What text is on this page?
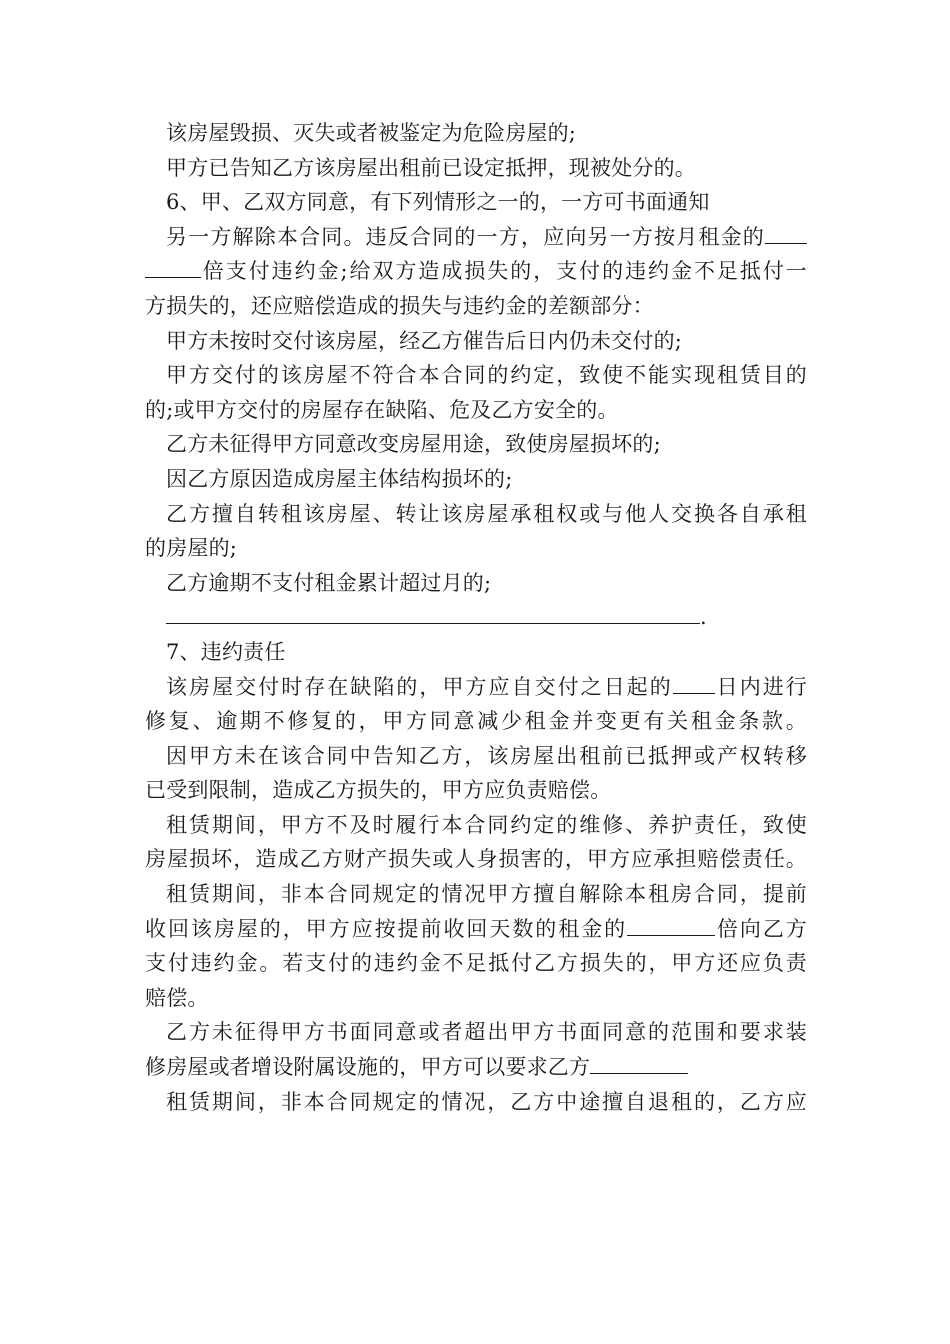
该房屋毁损、灭失或者被鉴定为危险房屋的;
甲方已告知乙方该房屋出租前已设定抵押，现被处分的。
6、甲、乙双方同意，有下列情形之一的，一方可书面通知
另一方解除本合同。违反合同的一方，应向另一方按月租金的
倍支付违约金;给双方造成损失的，支付的违约金不足抵付一
方损失的，还应赔偿造成的损失与违约金的差额部分：
甲方未按时交付该房屋，经乙方催告后日内仍未交付的;
甲方交付的该房屋不符合本合同的约定，致使不能实现租赁目的
的;或甲方交付的房屋存在缺陷、危及乙方安全的。
乙方未征得甲方同意改变房屋用途，致使房屋损坏的;
因乙方原因造成房屋主体结构损坏的;
乙方擅自转租该房屋、转让该房屋承租权或与他人交换各自承租
的房屋的;
乙方逾期不支付租金累计超过月的;
.
7、违约责任
该房屋交付时存在缺陷的，甲方应自交付之日起的 日内进行
修复、逾期不修复的，甲方同意减少租金并变更有关租金条款。
因甲方未在该合同中告知乙方，该房屋出租前已抵押或产权转移
已受到限制，造成乙方损失的，甲方应负责赔偿。
租赁期间，甲方不及时履行本合同约定的维修、养护责任，致使
房屋损坏，造成乙方财产损失或人身损害的，甲方应承担赔偿责任。
租赁期间，非本合同规定的情况甲方擅自解除本租房合同，提前
收回该房屋的，甲方应按提前收回天数的租金的	倍向乙方
支付违约金。若支付的违约金不足抵付乙方损失的，甲方还应负责
赔偿。
乙方未征得甲方书面同意或者超出甲方书面同意的范围和要求装
修房屋或者增设附属设施的，甲方可以要求乙方
租赁期间，非本合同规定的情况，乙方中途擅自退租的，乙方应
